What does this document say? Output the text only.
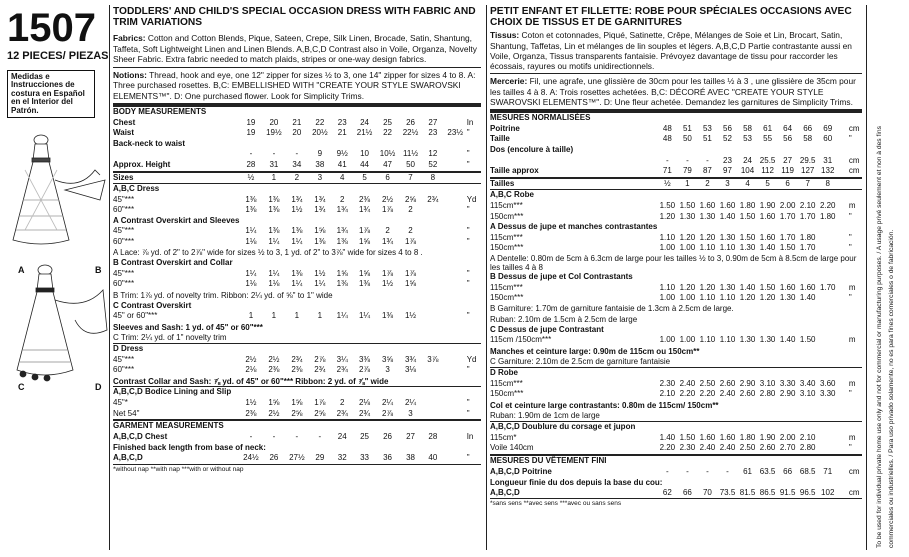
1507
12 PIECES/ PIEZAS
Medidas e Instrucciones de costura en Español en el Interior del Patrón.
A	B
C	D
TODDLERS' AND CHILD'S SPECIAL OCCASION DRESS WITH FABRIC AND TRIM VARIATIONS
Fabrics: Cotton and Cotton Blends, Pique, Sateen, Crepe, Silk Linen, Brocade, Satin, Shantung, Taffeta, Soft Lightweight Linen and Linen Blends. A,B,C,D Contrast also in Voile, Organza, Novelty Sheer Fabric. Extra fabric needed to match plaids, stripes or one-way design fabrics.
Notions: Thread, hook and eye, one 12" zipper for sizes ½ to 3, one 14" zipper for sizes 4 to 8. A: Three purchased rosettes. B,C: EMBELLISHED WITH "CREATE YOUR STYLE SWAROVSKI ELEMENTS™". D: One purchased flower. Look for Simplicity Trims.
BODY MEASUREMENTS											
Chest	19	20	21	22	23	24	25	26	27		In
Waist	19	19½	20	20½	21	21½	22	22½	23	23½	"
Back-neck to waist											
	-	-	-	9	9½	10	10½	11½	12		"
Approx. Height	28	31	34	38	41	44	47	50	52		"
Sizes	½	1	2	3	4	5	6	7	8		
A,B,C Dress											
45"***	1⅜	1⅜	1¾	1¾	2	2⅜	2½	2⅝	2¾		Yd
60"***	1⅜	1⅜	1½	1¾	1¾	1¾	1⅞	2			"
A Contrast Overskirt and Sleeves											
45"***	1¼	1⅜	1⅜	1⅝	1¾	1⅞	2	2			"
60"***	1⅛	1¼	1¼	1⅜	1⅜	1⅝	1¾	1⅞			"
A Lace: ⅞ yd. of 2" to 2⅞" wide for sizes ½ to 3, 1 yd. of 2" to 3⅞" wide for sizes 4 to 8 .											
B Contrast Overskirt and Collar											
45"***	1¼	1¼	1⅜	1½	1⅝	1⅝	1⅞	1⅞			"
60"***	1⅛	1⅛	1¼	1¼	1⅜	1⅜	1½	1⅝			"
B Trim: 1⅞ yd. of novelty trim. Ribbon: 2¼ yd. of ⅝" to 1" wide											
C Contrast Overskirt											
45" or 60"***	1	1	1	1	1¼	1¼	1⅜	1½			"
Sleeves and Sash: 1 yd. of 45" or 60"***											
C Trim: 2¼ yd. of 1" novelty trim											
D Dress											
45"***	2½	2½	2¾	2⅞	3¼	3⅜	3⅝	3¾	3⅞		Yd
60"***	2⅛	2⅜	2⅜	2¾	2¾	2⅞	3	3⅛			"
Contrast Collar and Sash: ⅞ yd. of 45" or 60"*** Ribbon: 2 yd. of ⅞" wide											
A,B,C,D Bodice Lining and Slip											
45"*	1½	1⅝	1⅝	1⅞	2	2⅛	2¼	2¼			"
Net 54"	2⅜	2½	2⅝	2⅝	2¾	2¾	2⅞	3			"
GARMENT MEASUREMENTS											
A,B,C,D Chest	-	-	-	-	24	25	26	27	28		In
Finished back length from base of neck:											
A,B,C,D	24½	26	27½	29	32	33	36	38	40		"
*without nap **with nap ***with or without nap
PETIT ENFANT ET FILLETTE: ROBE POUR SPÉCIALES OCCASIONS AVEC CHOIX DE TISSUS ET DE GARNITURES
Tissus: Coton et cotonnades, Piqué, Satinette, Crêpe, Mélanges de Soie et Lin, Brocart, Satin, Shantung, Taffetas, Lin et mélanges de lin souples et légers. A,B,C,D Partie contrastante aussi en Voile, Organza, Tissus transparents fantaisie. Prévoyez davantage de tissu pour raccorder les écossais, rayures ou motifs unidirectionnels.
Mercerie: Fil, une agrafe, une glissière de 30cm pour les tailles ½ à 3 , une glissière de 35cm pour les tailles 4 à 8. A: Trois rosettes achetées. B,C: DÉCORÉ AVEC "CREATE YOUR STYLE SWAROVSKI ELEMENTS™". D: Une fleur achetée. Demandez les garnitures de Simplicity Trims.
MESURES NORMALISÉES											
Poitrine	48	51	53	56	58	61	64	66	69		cm
Taille	48	50	51	52	53	55	56	58	60		"
Dos (encolure à taille)											
	-	-	-	23	24	25.5	27	29.5	31		cm
Taille approx	71	79	87	97	104	112	119	127	132		cm
Tailles	½	1	2	3	4	5	6	7	8		
A,B,C Robe											
115cm***	1.50	1.50	1.60	1.60	1.80	1.90	2.00	2.10	2.20		m
150cm***	1.20	1.30	1.30	1.40	1.50	1.60	1.70	1.70	1.80		"
A Dessus de jupe et manches contrastantes											
115cm***	1.10	1.20	1.20	1.30	1.50	1.60	1.70	1.80			"
150cm***	1.00	1.00	1.10	1.10	1.30	1.40	1.50	1.70			"
A Dentelle: 0.80m de 5cm à 6.3cm de large pour les tailles ½ to 3, 0.90m de 5cm à 8.5cm de large pour les tailles 4 à 8											
B Dessus de jupe et Col Contrastants											
115cm***	1.10	1.20	1.20	1.30	1.40	1.50	1.60	1.60	1.70		m
150cm***	1.00	1.00	1.10	1.10	1.20	1.20	1.30	1.40			"
B Garniture: 1.70m de garniture fantaisie de 1.3cm à 2.5cm de large.											
Ruban: 2.10m de 1.5cm à 2.5cm de large											
C Dessus de jupe Contrastant											
115cm /150cm***	1.00	1.00	1.10	1.10	1.30	1.30	1.40	1.50			m
Manches et ceinture large: 0.90m de 115cm ou 150cm**											
C Garniture: 2.10m de 2.5cm de garniture fantaisie											
D Robe											
115cm***	2.30	2.40	2.50	2.60	2.90	3.10	3.30	3.40	3.60		m
150cm***	2.10	2.20	2.20	2.40	2.60	2.80	2.90	3.10	3.30		"
Col et ceinture large contrastants: 0.80m de 115cm/ 150cm**											
Ruban: 1.90m de 1cm de large											
A,B,C,D Doublure du corsage et jupon											
115cm*	1.40	1.50	1.60	1.60	1.80	1.90	2.00	2.10			m
Voile 140cm	2.20	2.30	2.40	2.40	2.50	2.60	2.70	2.80			"
MESURES DU VÊTEMENT FINI											
A,B,C,D Poitrine	-	-	-	-	61	63.5	66	68.5	71		cm
Longueur finie du dos depuis la base du cou:											
A,B,C,D	62	66	70	73.5	81.5	86.5	91.5	96.5	102		cm
*sans sens **avec sens ***avec ou sans sens	To be used for individual private home use only and not for commercial or manufacturing purposes. / A usage privé seulement et non à des fins commerciales ou industrielles. / Para uso privado solamente, no es para fines comerciales o de fabricación.
